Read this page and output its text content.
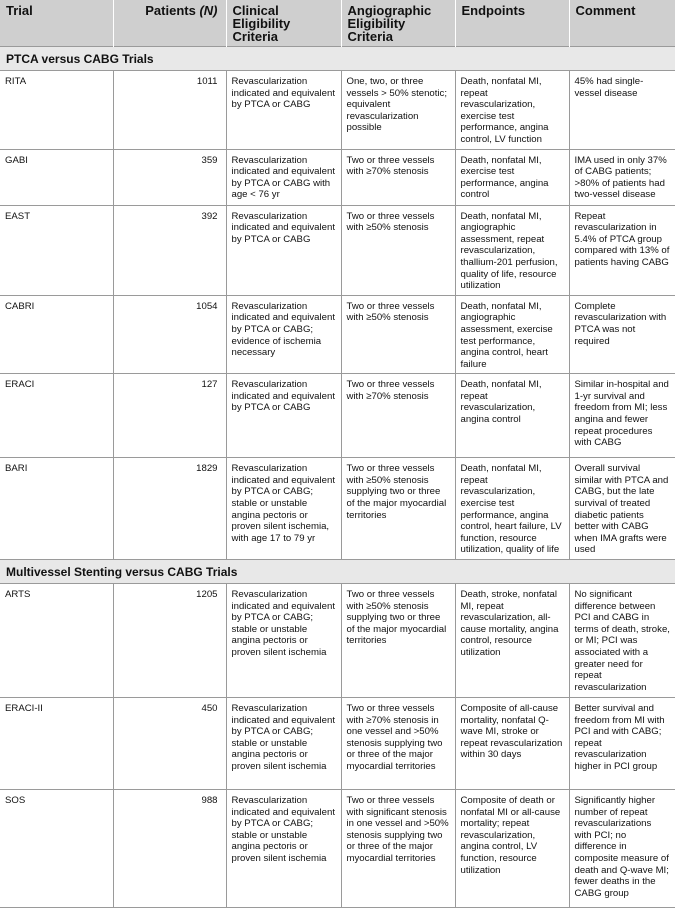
Trial	Patients (N)	Clinical Eligibility Criteria	Angiographic Eligibility Criteria	Endpoints	Comment
PTCA versus CABG Trials					
RITA	1011	Revascularization indicated and equivalent by PTCA or CABG	One, two, or three vessels > 50% stenotic; equivalent revascularization possible	Death, nonfatal MI, repeat revascularization, exercise test performance, angina control, LV function	45% had single-vessel disease
GABI	359	Revascularization indicated and equivalent by PTCA or CABG with age < 76 yr	Two or three vessels with ≥70% stenosis	Death, nonfatal MI, exercise test performance, angina control	IMA used in only 37% of CABG patients; >80% of patients had two-vessel disease
EAST	392	Revascularization indicated and equivalent by PTCA or CABG	Two or three vessels with ≥50% stenosis	Death, nonfatal MI, angiographic assessment, repeat revascularization, thallium-201 perfusion, quality of life, resource utilization	Repeat revascularization in 5.4% of PTCA group compared with 13% of patients having CABG
CABRI	1054	Revascularization indicated and equivalent by PTCA or CABG; evidence of ischemia necessary	Two or three vessels with ≥50% stenosis	Death, nonfatal MI, angiographic assessment, exercise test performance, angina control, heart failure	Complete revascularization with PTCA was not required
ERACI	127	Revascularization indicated and equivalent by PTCA or CABG	Two or three vessels with ≥70% stenosis	Death, nonfatal MI, repeat revascularization, angina control	Similar in-hospital and 1-yr survival and freedom from MI; less angina and fewer repeat procedures with CABG
BARI	1829	Revascularization indicated and equivalent by PTCA or CABG; stable or unstable angina pectoris or proven silent ischemia, with age 17 to 79 yr	Two or three vessels with ≥50% stenosis supplying two or three of the major myocardial territories	Death, nonfatal MI, repeat revascularization, exercise test performance, angina control, heart failure, LV function, resource utilization, quality of life	Overall survival similar with PTCA and CABG, but the late survival of treated diabetic patients better with CABG when IMA grafts were used
Multivessel Stenting versus CABG Trials					
ARTS	1205	Revascularization indicated and equivalent by PTCA or CABG; stable or unstable angina pectoris or proven silent ischemia	Two or three vessels with ≥50% stenosis supplying two or three of the major myocardial territories	Death, stroke, nonfatal MI, repeat revascularization, all-cause mortality, angina control, resource utilization	No significant difference between PCI and CABG in terms of death, stroke, or MI; PCI was associated with a greater need for repeat revascularization
ERACI-II	450	Revascularization indicated and equivalent by PTCA or CABG; stable or unstable angina pectoris or proven silent ischemia	Two or three vessels with ≥70% stenosis in one vessel and >50% stenosis supplying two or three of the major myocardial territories	Composite of all-cause mortality, nonfatal Q-wave MI, stroke or repeat revascularization within 30 days	Better survival and freedom from MI with PCI and with CABG; repeat revascularization higher in PCI group
SOS	988	Revascularization indicated and equivalent by PTCA or CABG; stable or unstable angina pectoris or proven silent ischemia	Two or three vessels with significant stenosis in one vessel and >50% stenosis supplying two or three of the major myocardial territories	Composite of death or nonfatal MI or all-cause mortality; repeat revascularization, angina control, LV function, resource utilization	Significantly higher number of repeat revascularizations with PCI; no difference in composite measure of death and Q-wave MI; fewer deaths in the CABG group
